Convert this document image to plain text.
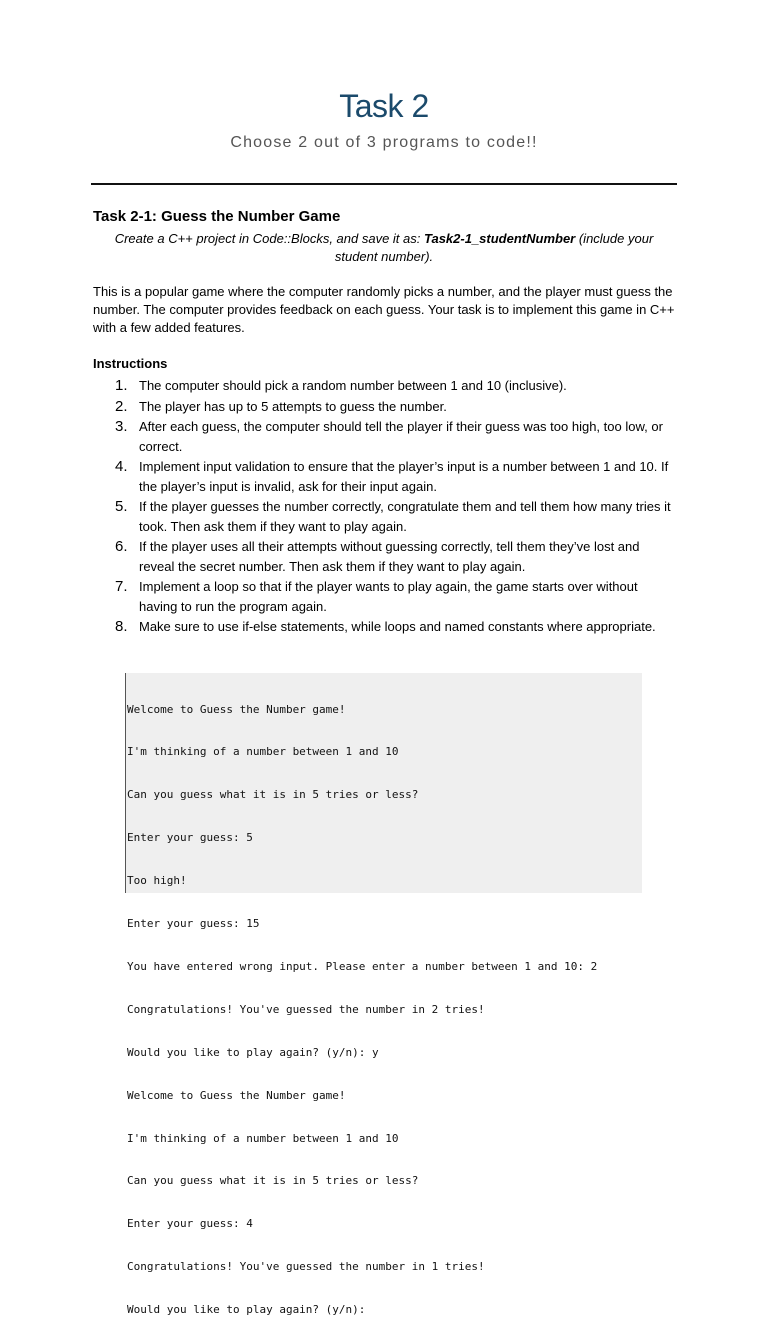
Task 2
Choose 2 out of 3 programs to code!!
Task 2-1: Guess the Number Game
Create a C++ project in Code::Blocks, and save it as: Task2-1_studentNumber (include your student number).
This is a popular game where the computer randomly picks a number, and the player must guess the number. The computer provides feedback on each guess. Your task is to implement this game in C++ with a few added features.
Instructions
1. The computer should pick a random number between 1 and 10 (inclusive).
2. The player has up to 5 attempts to guess the number.
3. After each guess, the computer should tell the player if their guess was too high, too low, or correct.
4. Implement input validation to ensure that the player’s input is a number between 1 and 10. If the player’s input is invalid, ask for their input again.
5. If the player guesses the number correctly, congratulate them and tell them how many tries it took. Then ask them if they want to play again.
6. If the player uses all their attempts without guessing correctly, tell them they’ve lost and reveal the secret number. Then ask them if they want to play again.
7. Implement a loop so that if the player wants to play again, the game starts over without having to run the program again.
8. Make sure to use if-else statements, while loops and named constants where appropriate.

Welcome to Guess the Number game!

I'm thinking of a number between 1 and 10

Can you guess what it is in 5 tries or less?

Enter your guess: 5

Too high!

Enter your guess: 15

You have entered wrong input. Please enter a number between 1 and 10: 2

Congratulations! You've guessed the number in 2 tries!

Would you like to play again? (y/n): y

Welcome to Guess the Number game!

I'm thinking of a number between 1 and 10

Can you guess what it is in 5 tries or less?

Enter your guess: 4

Congratulations! You've guessed the number in 1 tries!

Would you like to play again? (y/n):
